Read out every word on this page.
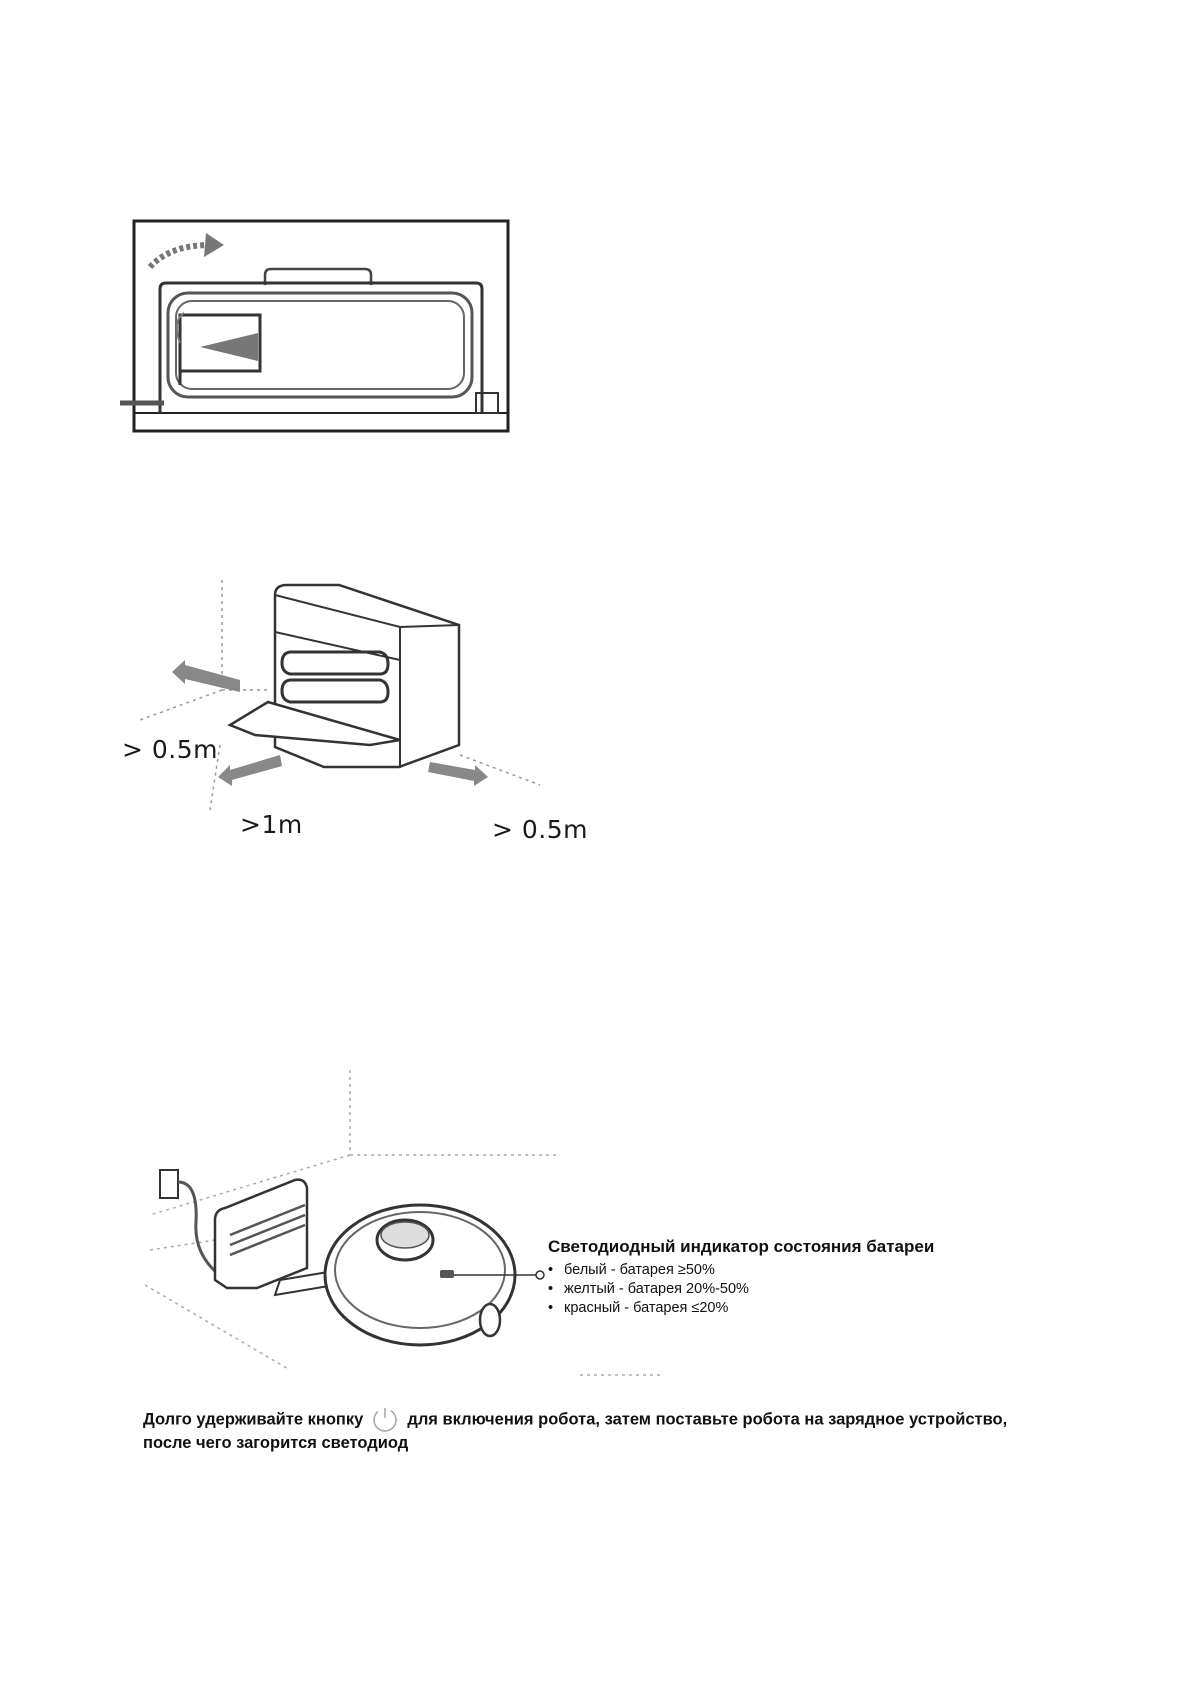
> 0.5m
>1m	> 0.5m
Светодиодный индикатор состояния батареи
• белый - батарея ≥50%
• желтый - батарея 20%-50%
• красный - батарея ≤20%
Долго удерживайте кнопку	для включения робота, затем поставьте робота на зарядное устройство,
после чего загорится светодиод
